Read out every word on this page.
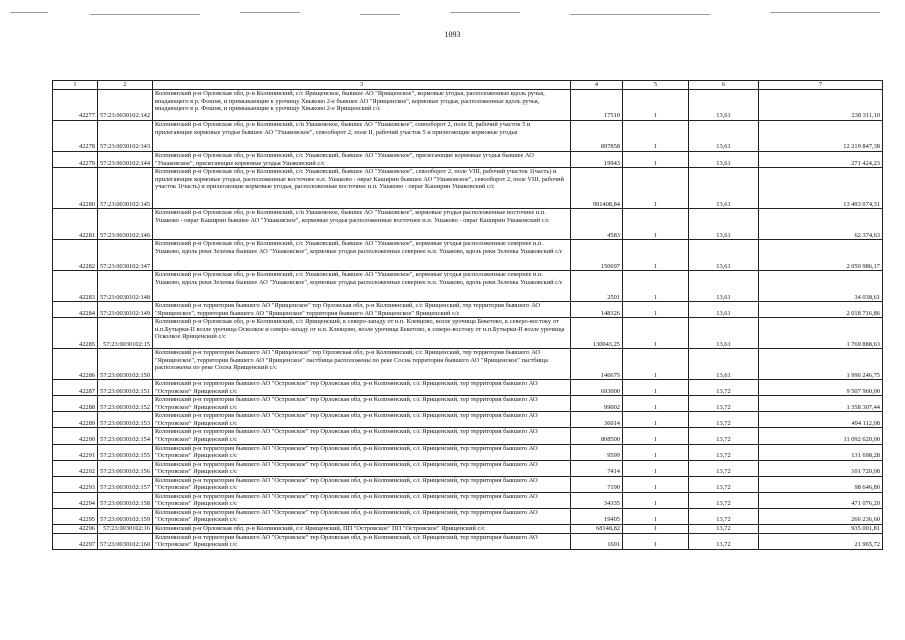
1093
1	2	3	4	5	6	7
42277	57:23:0030102:142	Колпнянский р-н Орловская обл, р-н Колпнянский, с/с Ярищенское, бывшее АО "Ярищенское", кормовые угодья, расположенные вдоль ручья, впадающего в р. Фошня, и примыкающие к урочищу Хвыково 2-е бывшее АО "Ярищенское", кормовые угодья, расположенные вдоль ручья, впадающего в р. Фошня, и примыкающие к урочищу Хвыково 2-е Ярищенский с/с	17510	1	13,61	238 311,10
42278	57:23:0030102:143	Колпнянский р-н Орловская обл, р-н Колпнянский, с/п Ушаковское, бывшее АО "Ушаковское", севооборот 2, поле II, рабочий участок 5 и прилегающие кормовые угодья бывшее АО "Ушаковское", севооборот 2, поле II, рабочий участок 5 и прилегающие кормовые угодья	897858	1	13,61	12 219 847,38
42279	57:23:0030102:144	Колпнянский р-н Орловская обл, р-н Колпнянский, с/с Ушаковский, бывшее АО "Ушаковское", прилегающие кормовые угодья бывшее АО "Ушаковское", прилегающие кормовые угодья Ушаковский с/с	19943	1	13,61	271 424,23
42280	57:23:0030102:145	Колпнянский р-н Орловская обл, р-н Колпнянский, с/с Ушаковский, бывшее АО "Ушаковское", севооборот 2, поле VIII, рабочий участок 1(часть) и прилегающие кормовые угодья, расположенные восточнее н.п. Ушаково - овраг Каширин бывшее АО "Ушаковское", севооборот 2, поле VIII, рабочий участок 1(часть) и прилегающие кормовые угодья, расположенные восточнее н.п. Ушаково - овраг Каширин Ушаковский с/с	991408,84	1	13,61	13 493 074,31
42281	57:23:0030102:146	Колпнянский р-н Орловская обл, р-н Колпнянский, с/п Ушаковское, бывшее АО "Ушаковское", кормовые угодья расположенные восточнее н.п. Ушаково - овраг Каширин бывшее АО "Ушаковское", кормовые угодья расположенные восточнее н.п. Ушаково - овраг Каширин Ушаковский с/с	4583	1	13,61	62 374,63
42282	57:23:0030102:147	Колпнянский р-н Орловская обл, р-н Колпнянский, с/с Ушаковский, бывшее АО "Ушаковское", кормовые угодья расположенные севернее н.п. Ушаково, вдоль реки Зеленка бывшее АО "Ушаковское", кормовые угодья расположенные севернее н.п. Ушаково, вдоль реки Зеленка Ушаковский с/с	150697	1	13,61	2 050 986,17
42283	57:23:0030102:148	Колпнянский р-н Орловская обл, р-н Колпнянский, с/с Ушаковский, бывшее АО "Ушаковское", кормовые угодья расположенные севернее н.п. Ушаково, вдоль реки Зеленка бывшее АО "Ушаковское", кормовые угодья расположенные севернее н.п. Ушаково, вдоль реки Зеленка Ушаковский с/с	2501	1	13,61	34 038,61
42284	57:23:0030102:149	Колпнянский р-н территория бывшего АО "Ярищенское" тер Орловская обл, р-н Колпнянский, с/с Ярищенский, тер территория бывшего АО "Ярищенское", территория бывшего АО "Ярищенское" территория бывшего АО "Ярищенское" Ярищенский с/с	148326	1	13,61	2 018 716,86
42285	57:23:0030102:15	Колпнянский р-н Орловская обл, р-н Колпнянский, с/с Ярищенский, к северо-западу от н.п. Клевцово, возле урочища Бекетово, к северо-востоку от н.п.Бутырки-II возле урочища Осколкое и северо-западу от н.п. Клевцово, возле урочища Бекетово, к северо-востоку от н.п.Бутырки-II возле урочища Осколкое Ярищенский с/с	130043,25	1	13,61	1 769 888,63
42286	57:23:0030102:150	Колпнянский р-н территория бывшего АО "Ярищенское" тер Орловская обл, р-н Колпнянский, с/с Ярищенский, тер территория бывшего АО "Ярищенское", территория бывшего АО "Ярищенское" пастбища расположены по реке Сосна территория бывшего АО "Ярищенское" пастбища расположены по реке Сосна Ярищенский с/с	146675	1	13,61	1 996 246,75
42287	57:23:0030102:151	Колпнянский р-н территория бывшего АО "Островское" тер Орловская обл, р-н Колпнянский, с/с Ярищенский, тер территория бывшего АО "Островское" Ярищенский с/с	693000	1	13,72	9 507 960,00
42288	57:23:0030102:152	Колпнянский р-н территория бывшего АО "Островское" тер Орловская обл, р-н Колпнянский, с/с Ярищенский, тер территория бывшего АО "Островское" Ярищенский с/с	99002	1	13,72	1 358 307,44
42289	57:23:0030102:153	Колпнянский р-н территория бывшего АО "Островское" тер Орловская обл, р-н Колпнянский, с/с Ярищенский, тер территория бывшего АО "Островское" Ярищенский с/с	36014	1	13,72	494 112,08
42290	57:23:0030102:154	Колпнянский р-н территория бывшего АО "Островское" тер Орловская обл, р-н Колпнянский, с/с Ярищенский, тер территория бывшего АО "Островское" Ярищенский с/с	808500	1	13,72	11 092 620,00
42291	57:23:0030102:155	Колпнянский р-н территория бывшего АО "Островское" тер Орловская обл, р-н Колпнянский, с/с Ярищенский, тер территория бывшего АО "Островское" Ярищенский с/с	9599	1	13,72	131 698,28
42292	57:23:0030102:156	Колпнянский р-н территория бывшего АО "Островское" тер Орловская обл, р-н Колпнянский, с/с Ярищенский, тер территория бывшего АО "Островское" Ярищенский с/с	7414	1	13,72	101 720,08
42293	57:23:0030102:157	Колпнянский р-н территория бывшего АО "Островское" тер Орловская обл, р-н Колпнянский, с/с Ярищенский, тер территория бывшего АО "Островское" Ярищенский с/с	7190	1	13,72	98 646,80
42294	57:23:0030102:158	Колпнянский р-н территория бывшего АО "Островское" тер Орловская обл, р-н Колпнянский, с/с Ярищенский, тер территория бывшего АО "Островское" Ярищенский с/с	34335	1	13,72	471 076,20
42295	57:23:0030102:159	Колпнянский р-н территория бывшего АО "Островское" тер Орловская обл, р-н Колпнянский, с/с Ярищенский, тер территория бывшего АО "Островское" Ярищенский с/с	19405	1	13,72	266 236,60
42296	57:23:0030102:16	Колпнянский р-н Орловская обл, р-н Колпнянский, с/с Ярищенский, ПП "Островское" ПП "Островское" Ярищенский с/с	68148,82	1	13,72	935 001,81
42297	57:23:0030102:160	Колпнянский р-н территория бывшего АО "Островское" тер Орловская обл, р-н Колпнянский, с/с Ярищенский, тер территория бывшего АО "Островское" Ярищенский с/с	1601	1	13,72	21 965,72
